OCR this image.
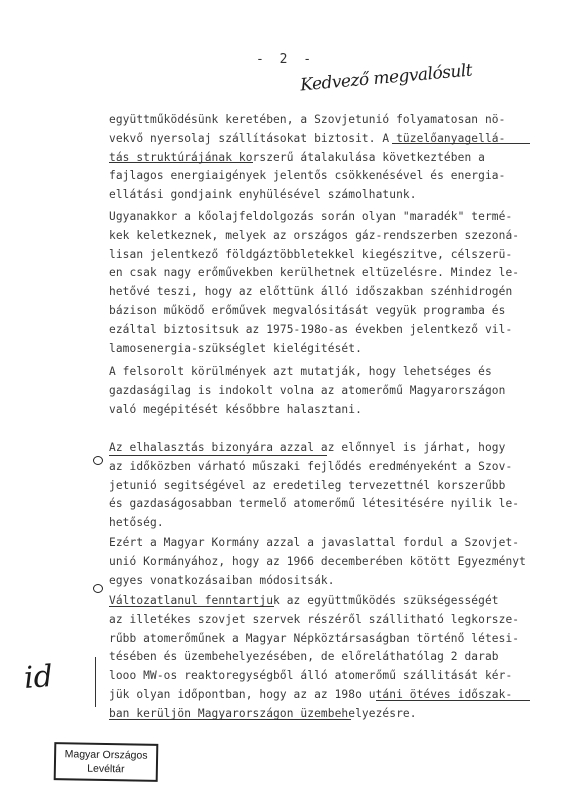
- 2 -
Kedvező megvalósult
együttműködésünk keretében, a Szovjetunió folyamatosan nö-
vekvő nyersolaj szállításokat biztosit. A tüzelőanyagellá-
tás struktúrájának korszerű átalakulása következtében a
fajlagos energiaigények jelentős csökkenésével és energia-
ellátási gondjaink enyhülésével számolhatunk.
Ugyanakkor a kőolajfeldolgozás során olyan "maradék" termé-
kek keletkeznek, melyek az országos gáz-rendszerben szezoná-
lisan jelentkező földgáztöbbletekkel kiegészitve, célszerü-
en csak nagy erőművekben kerülhetnek eltüzelésre. Mindez le-
hetővé teszi, hogy az előttünk álló időszakban szénhidrogén
bázison működő erőművek megvalósitását vegyük programba és
ezáltal biztositsuk az 1975-198o-as években jelentkező vil-
lamosenergia-szükséglet kielégitését.
A felsorolt körülmények azt mutatják, hogy lehetséges és
gazdaságilag is indokolt volna az atomerőmű Magyarországon
való megépitését későbbre halasztani.
Az elhalasztás bizonyára azzal az előnnyel is járhat, hogy
az időközben várható műszaki fejlődés eredményeként a Szov-
jetunió segitségével az eredetileg tervezettnél korszerűbb
és gazdaságosabban termelő atomerőmű létesitésére nyilik le-
hetőség.
Ezért a Magyar Kormány azzal a javaslattal fordul a Szovjet-
unió Kormányához, hogy az 1966 decemberében kötött Egyezményt
egyes vonatkozásaiban módositsák.
Változatlanul fenntartjuk az együttműködés szükségességét
az illetékes szovjet szervek részéről szállitható legkorsze-
rűbb atomerőműnek a Magyar Népköztársaságban történő létesi-
tésében és üzembehelyezésében, de előreláthatólag 2 darab
looo MW-os reaktoregységből álló atomerőmű szállitását kér-
jük olyan időpontban, hogy az az 198o utáni ötéves időszak-
ban kerüljön Magyarországon üzembehelyezésre.
id
Magyar Országos
Levéltár
